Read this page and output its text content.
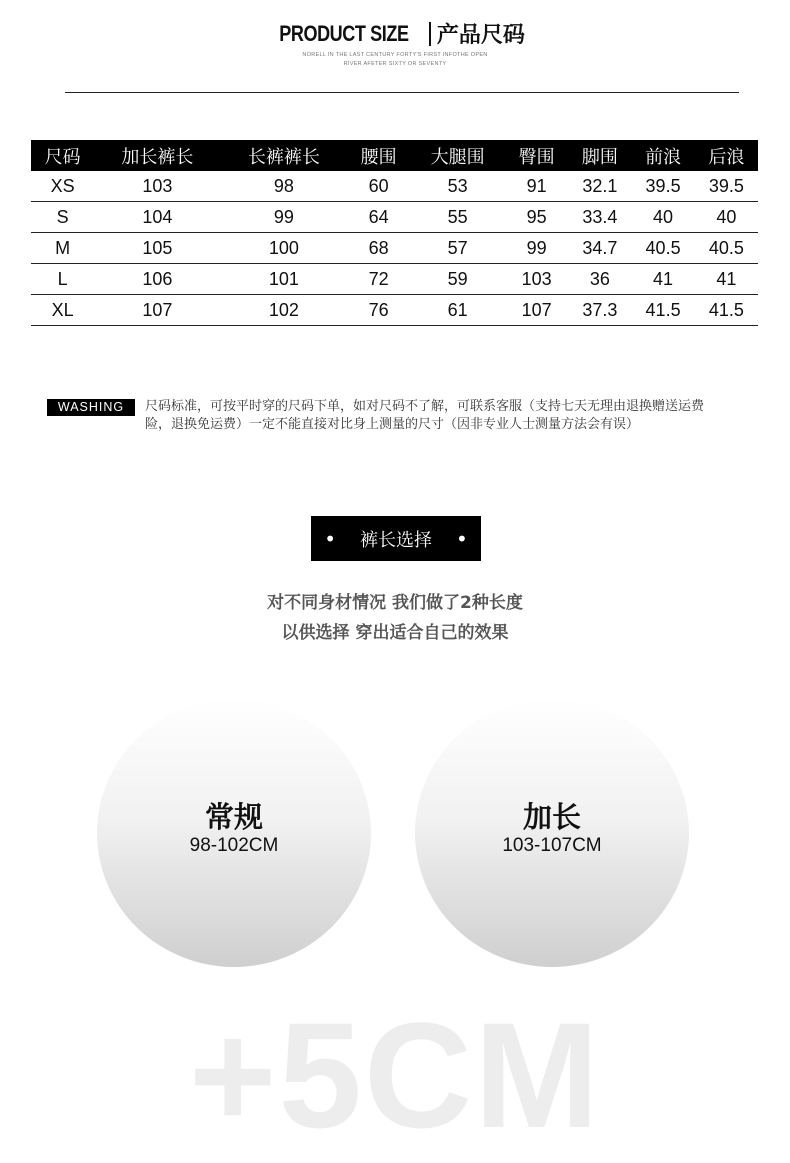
PRODUCT SIZE 产品尺码
NORELL IN THE LAST CENTURY FORTY'S FIRST INFOTHE OPEN
RIVER AFETER SIXTY OR SEVENTY
尺码	加长裤长	长裤裤长	腰围	大腿围	臀围	脚围	前浪	后浪
XS	103	98	60	53	91	32.1	39.5	39.5
S	104	99	64	55	95	33.4	40	40
M	105	100	68	57	99	34.7	40.5	40.5
L	106	101	72	59	103	36	41	41
XL	107	102	76	61	107	37.3	41.5	41.5
WASHING	尺码标准，可按平时穿的尺码下单，如对尺码不了解，可联系客服（支持七天无理由退换赠送运费险，退换免运费）一定不能直接对比身上测量的尺寸（因非专业人士测量方法会有误）
• 裤长选择 •
对不同身材情况 我们做了2种长度
以供选择 穿出适合自己的效果
常规
98-102CM
加长
103-107CM
+5CM
